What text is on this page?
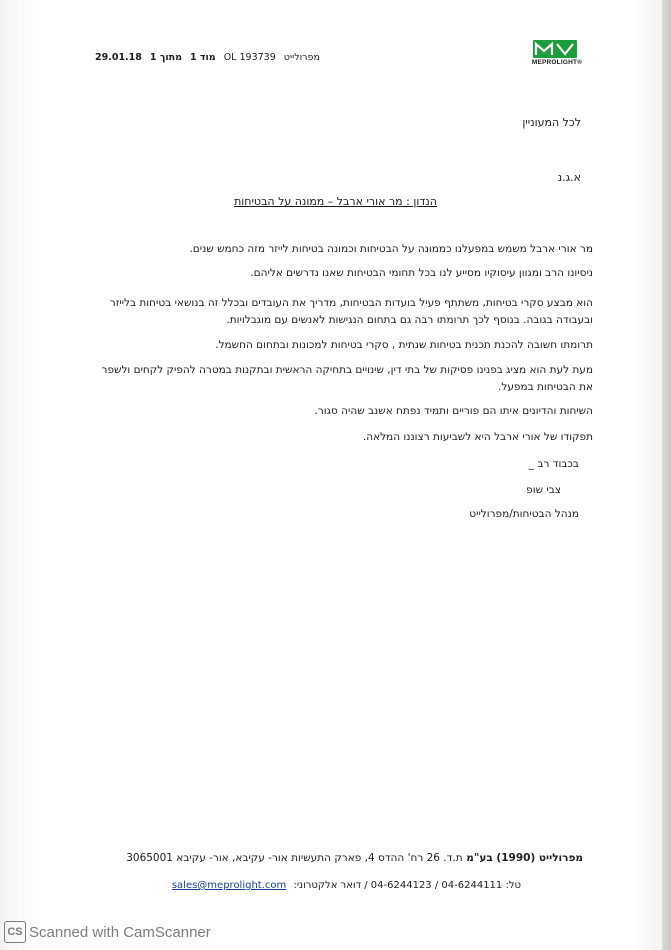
מפרולייט OL 193739 מוד 1 מתוך 1 29.01.18	MEPROLIGHT®
לכל המעוניין
א.ג.נ
הנדון : מר אורי ארבל – ממונה על הבטיחות
מר אורי ארבל משמש במפעלנו כממונה על הבטיחות וכמונה בטיחות לייזר מזה כחמש שנים.
ניסיונו הרב ומגוון עיסוקיו מסייע לנו בכל תחומי הבטיחות שאנו נדרשים אליהם.
הוא מבצע סקרי בטיחות, משתתף פעיל בועדות הבטיחות, מדריך את העובדים ובכלל זה בנושאי בטיחות בלייזר ובעבודה בגובה. בנוסף לכך תרומתו רבה גם בתחום הנגישות לאנשים עם מוגבלויות.
תרומתו חשובה להכנת תכנית בטיחות שנתית , סקרי בטיחות למכונות ובתחום החשמל.
מעת לעת הוא מציג בפנינו פסיקות של בתי דין, שינויים בתחיקה הראשית ובתקנות במטרה להפיק לקחים ולשפר את הבטיחות במפעל.
השיחות והדיונים איתו הם פוריים ותמיד נפתח אשנב שהיה סגור.
תפקודו של אורי ארבל היא לשביעות רצוננו המלאה.
בכבוד רב _
צבי שופ
מנהל הבטיחות/מפרולייט
מפרולייט (1990) בע"מ ת.ד. 26 רח' ההדס 4, פארק התעשיות אור- עקיבא, אור- עקיבא 3065001
טל: 04-6244111 / 04-6244123 / דואר אלקטרוני: sales@meprolight.com
CS Scanned with CamScanner
